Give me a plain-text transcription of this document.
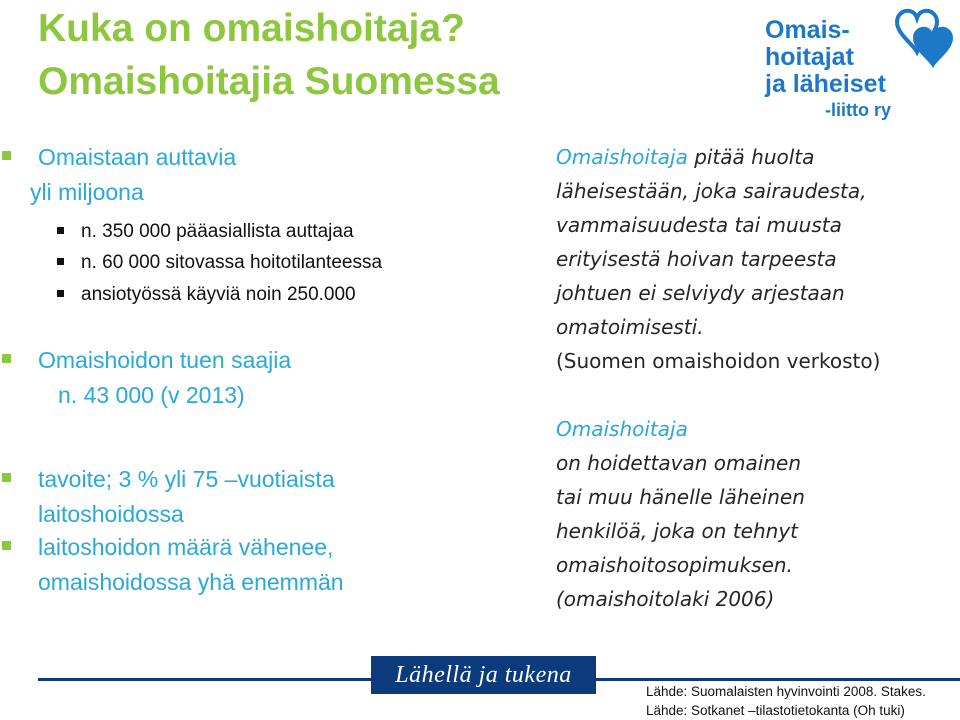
Kuka on omaishoitaja?
Omaishoitajia Suomessa
Omais-
hoitajat
ja läheiset
-liitto ry
Omaistaan auttavia
yli miljoona
n. 350 000 pääasiallista auttajaa
n. 60 000 sitovassa hoitotilanteessa
ansiotyössä käyviä noin 250.000
Omaishoidon tuen saajia
n. 43 000 (v 2013)
tavoite; 3 % yli 75 –vuotiaista
laitoshoidossa
laitoshoidon määrä vähenee,
omaishoidossa yhä enemmän
Omaishoitaja pitää huolta
läheisestään, joka sairaudesta,
vammaisuudesta tai muusta
erityisestä hoivan tarpeesta
johtuen ei selviydy arjestaan
omatoimisesti.
(Suomen omaishoidon verkosto)
Omaishoitaja
on hoidettavan omainen
tai muu hänelle läheinen
henkilöä, joka on tehnyt
omaishoitosopimuksen.
(omaishoitolaki 2006)
Lähellä ja tukena
Lähde: Suomalaisten hyvinvointi 2008. Stakes.
Lähde: Sotkanet –tilastotietokanta (Oh tuki)
